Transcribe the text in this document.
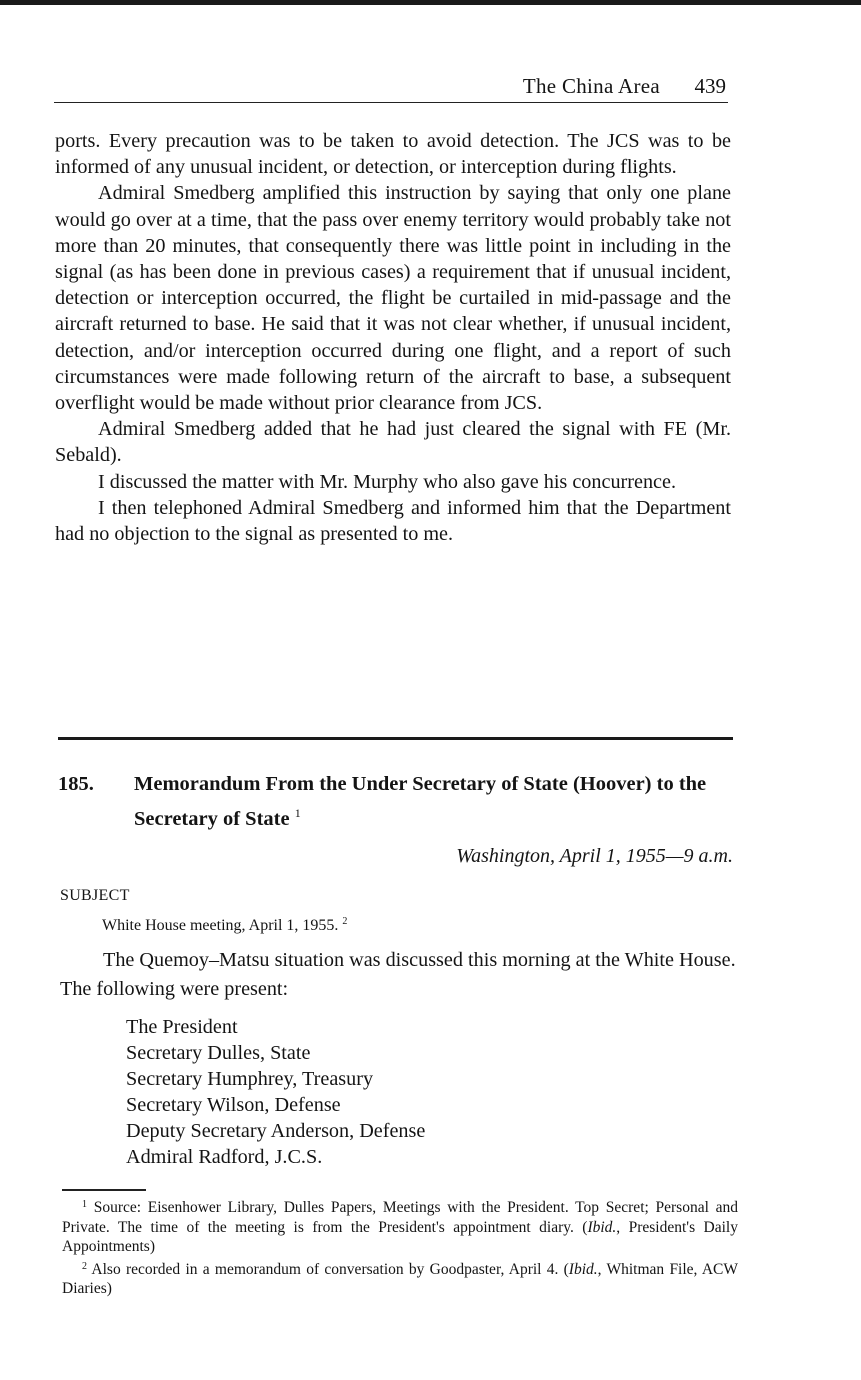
The China Area 439

ports. Every precaution was to be taken to avoid detection. The JCS was to be informed of any unusual incident, or detection, or interception during flights.

Admiral Smedberg amplified this instruction by saying that only one plane would go over at a time, that the pass over enemy territory would probably take not more than 20 minutes, that consequently there was little point in including in the signal (as has been done in previous cases) a requirement that if unusual incident, detection or interception occurred, the flight be curtailed in mid-passage and the aircraft returned to base. He said that it was not clear whether, if unusual incident, detection, and/or interception occurred during one flight, and a report of such circumstances were made following return of the aircraft to base, a subsequent overflight would be made without prior clearance from JCS.

Admiral Smedberg added that he had just cleared the signal with FE (Mr. Sebald).

I discussed the matter with Mr. Murphy who also gave his concurrence.

I then telephoned Admiral Smedberg and informed him that the Department had no objection to the signal as presented to me.

185. Memorandum From the Under Secretary of State (Hoover) to the Secretary of State $^1$
Washington, April 1, 1955—9 a.m.
SUBJECT
White House meeting, April 1, 1955. $^2$

The Quemoy–Matsu situation was discussed this morning at the White House. The following were present:

The President
Secretary Dulles, State
Secretary Humphrey, Treasury
Secretary Wilson, Defense
Deputy Secretary Anderson, Defense
Admiral Radford, J.C.S.

$^1$ Source: Eisenhower Library, Dulles Papers, Meetings with the President. Top Secret; Personal and Private. The time of the meeting is from the President's appointment diary. (Ibid., President's Daily Appointments)

$^2$ Also recorded in a memorandum of conversation by Goodpaster, April 4. (Ibid., Whitman File, ACW Diaries)
